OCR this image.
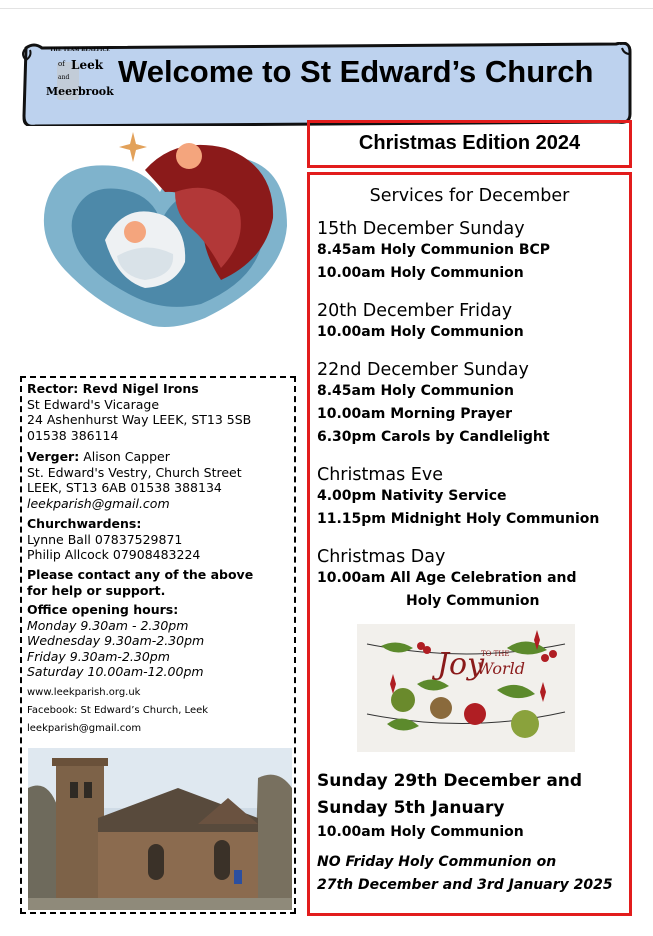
THE TEAM BENEFICE
of Leek
and
Meerbrook
Welcome to St Edward’s Church
Rector: Revd Nigel Irons
St Edward's Vicarage
24 Ashenhurst Way LEEK, ST13 5SB
01538 386114
Verger: Alison Capper
St. Edward's Vestry, Church Street
LEEK, ST13 6AB 01538 388134
leekparish@gmail.com
Churchwardens:
Lynne Ball 07837529871
Philip Allcock 07908483224
Please contact any of the above
for help or support.
Office opening hours:
Monday 9.30am - 2.30pm
Wednesday 9.30am-2.30pm
Friday 9.30am-2.30pm
Saturday 10.00am-12.00pm
www.leekparish.org.uk
Facebook: St Edward’s Church, Leek
leekparish@gmail.com
Christmas Edition 2024
Services for December
15th December Sunday
8.45am Holy Communion BCP
10.00am Holy Communion
20th December Friday
10.00am Holy Communion
22nd December Sunday
8.45am Holy Communion
10.00am Morning Prayer
6.30pm Carols by Candlelight
Christmas Eve
4.00pm Nativity Service
11.15pm Midnight Holy Communion
Christmas Day
10.00am All Age Celebration and
Holy Communion
Joy
TO THE
World
Sunday 29th December and
Sunday 5th January
10.00am Holy Communion
NO Friday Holy Communion on
27th December and 3rd January 2025
